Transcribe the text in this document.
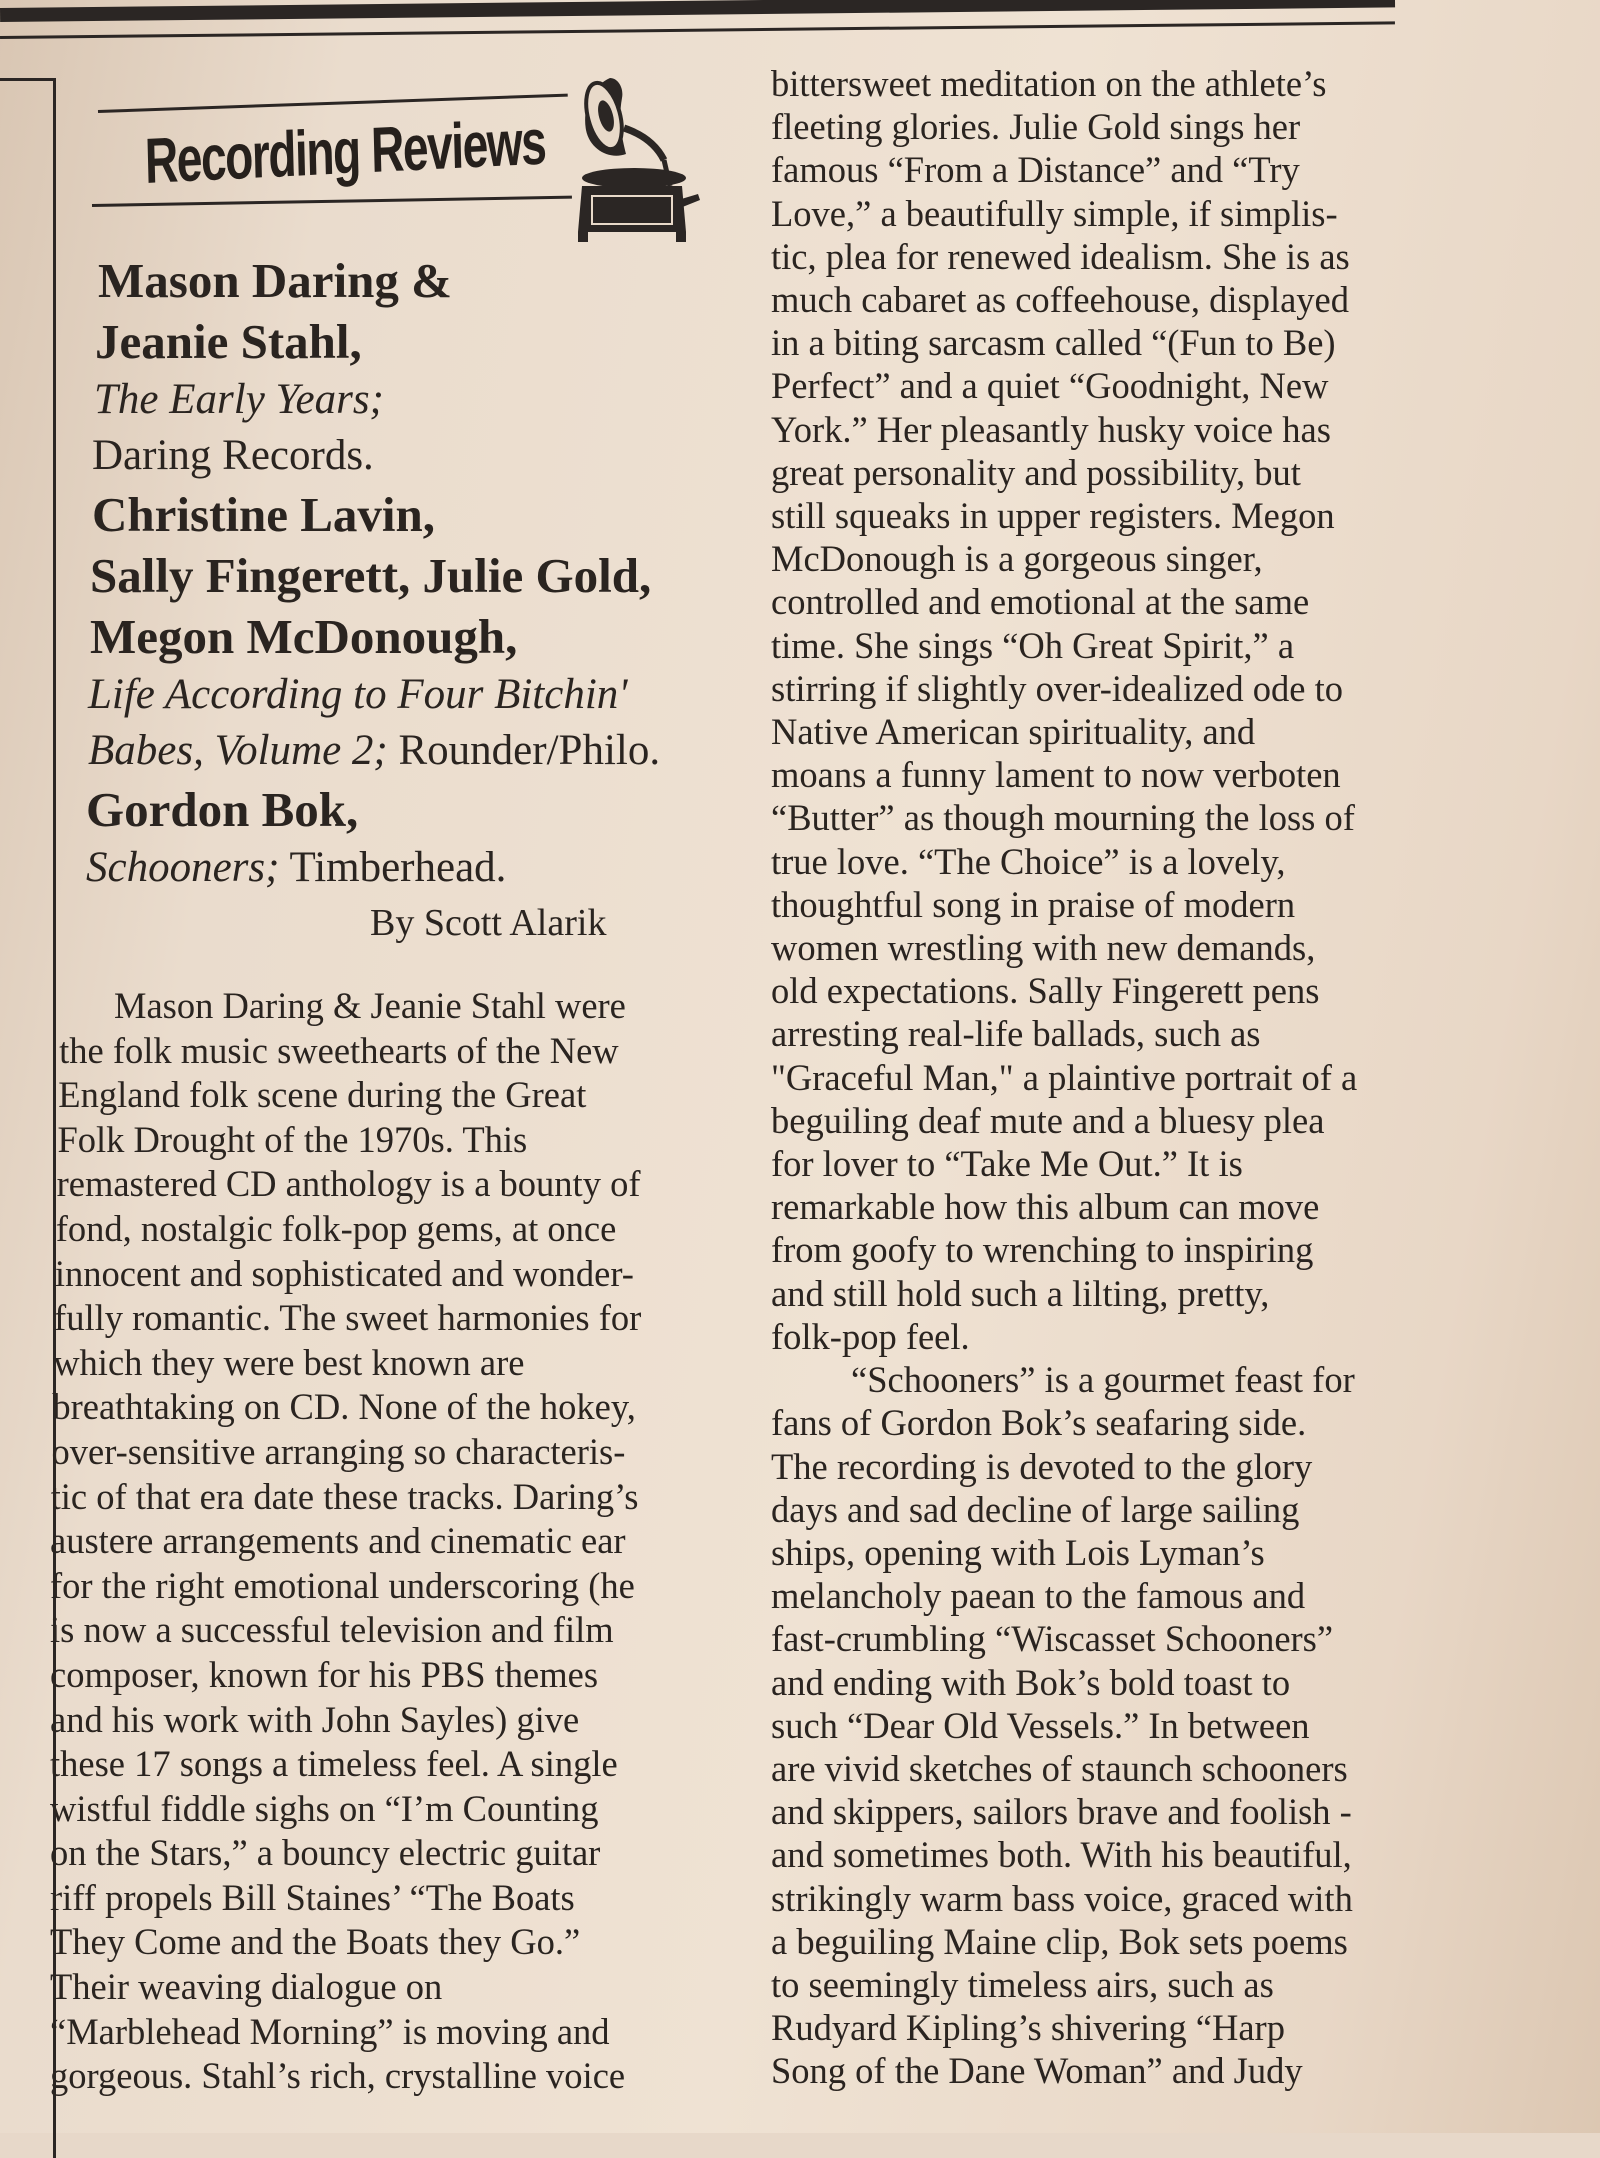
Recording Reviews
Mason Daring &
Jeanie Stahl,
The Early Years;
Daring Records.
Christine Lavin,
Sally Fingerett, Julie Gold,
Megon McDonough,
Life According to Four Bitchin'
Babes, Volume 2; Rounder/Philo.
Gordon Bok,
Schooners; Timberhead.
By Scott Alarik
Mason Daring & Jeanie Stahl were
the folk music sweethearts of the New
England folk scene during the Great
Folk Drought of the 1970s. This
remastered CD anthology is a bounty of
fond, nostalgic folk-pop gems, at once
innocent and sophisticated and wonder-
fully romantic. The sweet harmonies for
which they were best known are
breathtaking on CD. None of the hokey,
over-sensitive arranging so characteris-
tic of that era date these tracks. Daring’s
austere arrangements and cinematic ear
for the right emotional underscoring (he
is now a successful television and film
composer, known for his PBS themes
and his work with John Sayles) give
these 17 songs a timeless feel. A single
wistful fiddle sighs on “I’m Counting
on the Stars,” a bouncy electric guitar
riff propels Bill Staines’ “The Boats
They Come and the Boats they Go.”
Their weaving dialogue on
“Marblehead Morning” is moving and
gorgeous. Stahl’s rich, crystalline voice
bittersweet meditation on the athlete’s
fleeting glories. Julie Gold sings her
famous “From a Distance” and “Try
Love,” a beautifully simple, if simplis-
tic, plea for renewed idealism. She is as
much cabaret as coffeehouse, displayed
in a biting sarcasm called “(Fun to Be)
Perfect” and a quiet “Goodnight, New
York.” Her pleasantly husky voice has
great personality and possibility, but
still squeaks in upper registers. Megon
McDonough is a gorgeous singer,
controlled and emotional at the same
time. She sings “Oh Great Spirit,” a
stirring if slightly over-idealized ode to
Native American spirituality, and
moans a funny lament to now verboten
“Butter” as though mourning the loss of
true love. “The Choice” is a lovely,
thoughtful song in praise of modern
women wrestling with new demands,
old expectations. Sally Fingerett pens
arresting real-life ballads, such as
"Graceful Man," a plaintive portrait of a
beguiling deaf mute and a bluesy plea
for lover to “Take Me Out.” It is
remarkable how this album can move
from goofy to wrenching to inspiring
and still hold such a lilting, pretty,
folk-pop feel.
“Schooners” is a gourmet feast for
fans of Gordon Bok’s seafaring side.
The recording is devoted to the glory
days and sad decline of large sailing
ships, opening with Lois Lyman’s
melancholy paean to the famous and
fast-crumbling “Wiscasset Schooners”
and ending with Bok’s bold toast to
such “Dear Old Vessels.” In between
are vivid sketches of staunch schooners
and skippers, sailors brave and foolish -
and sometimes both. With his beautiful,
strikingly warm bass voice, graced with
a beguiling Maine clip, Bok sets poems
to seemingly timeless airs, such as
Rudyard Kipling’s shivering “Harp
Song of the Dane Woman” and Judy
